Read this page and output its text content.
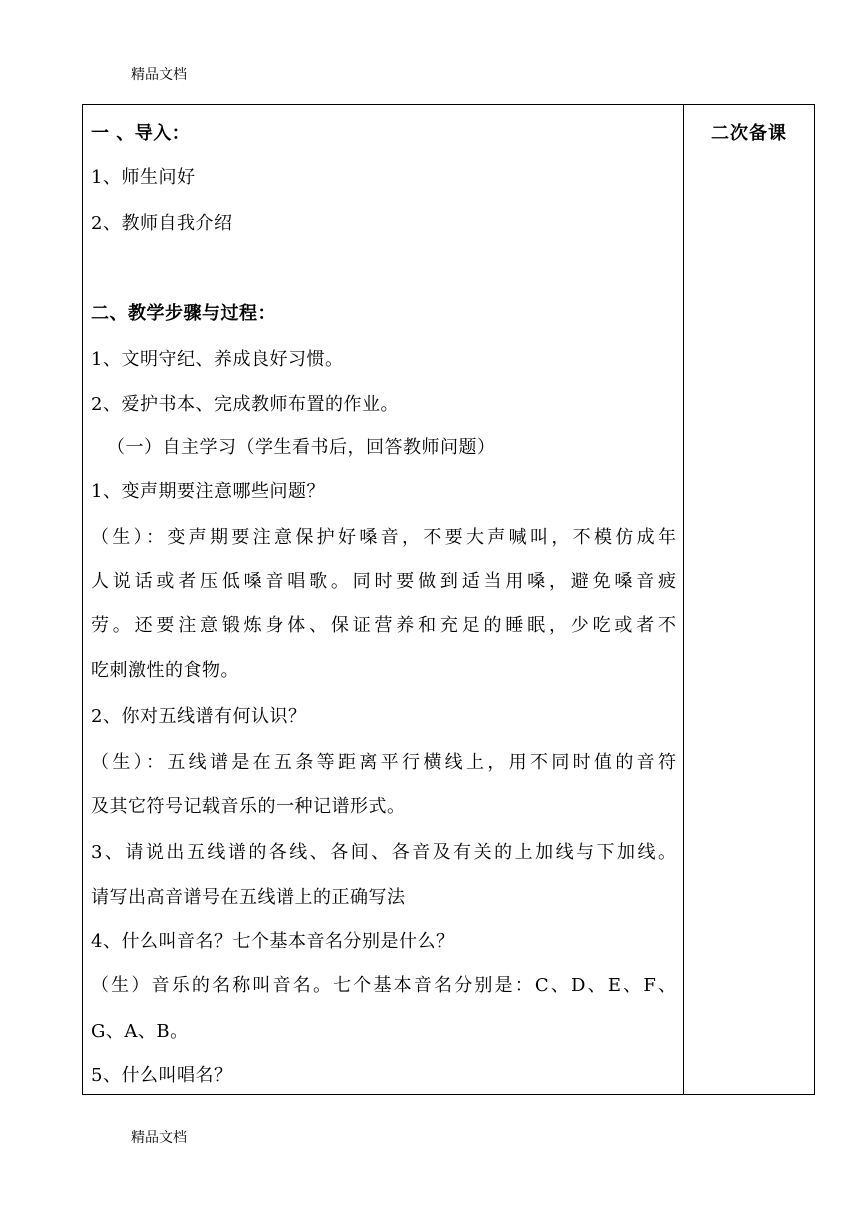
精品文档
二次备课
一 、导入：
1、师生问好
2、教师自我介绍
二、教学步骤与过程：
1、文明守纪、养成良好习惯。
2、爱护书本、完成教师布置的作业。
（一）自主学习（学生看书后，回答教师问题）
1、变声期要注意哪些问题？
（生）：变声期要注意保护好嗓音，不要大声喊叫，不模仿成年
人说话或者压低嗓音唱歌。同时要做到适当用嗓，避免嗓音疲
劳。还要注意锻炼身体、保证营养和充足的睡眠，少吃或者不
吃刺激性的食物。
2、你对五线谱有何认识？
（生）：五线谱是在五条等距离平行横线上，用不同时值的音符
及其它符号记载音乐的一种记谱形式。
3、请说出五线谱的各线、各间、各音及有关的上加线与下加线。
请写出高音谱号在五线谱上的正确写法
4、什么叫音名？七个基本音名分别是什么？
（生）音乐的名称叫音名。七个基本音名分别是：C、D、E、F、
G、A、B。
5、什么叫唱名？
精品文档
